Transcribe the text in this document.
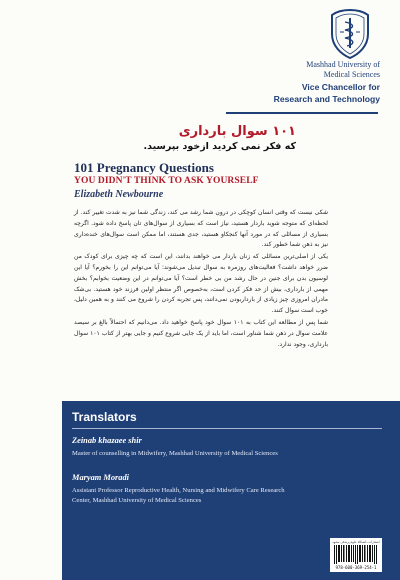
Mashhad University of
Medical Sciences
Vice Chancellor for
Research and Technology
۱۰۱ سوال بارداری
که فکر نمی کردید ازخود بپرسید.
101 Pregnancy Questions
YOU DIDN'T THINK TO ASK YOURSELF
Elizabeth Newbourne

شکی نیست که وقتی انسان کوچکی در درون شما رشد می کند، زندگی شما نیز به شدت تغییر کند. از لحظه‌ای که متوجه شوید باردار هستید، نیاز است که بسیاری از سوال‌های تان پاسخ داده شود. اگرچه بسیاری از مسائلی که در مورد آنها کنجکاو هستید، جدی هستند، اما ممکن است سوال‌های خنده‌داری نیز به ذهن شما خطور کند.

یکی از اصلی‌ترین مسائلی که زنان باردار می خواهند بدانند، این است که چه چیزی برای کودک من ضرر خواهد داشت؟ فعالیت‌های روزمره به سوال تبدیل می‌شوند: آیا می‌توانم این را بخورم؟ آیا این لوسیون بدن برای جنین در حال رشد من بی خطر است؟ آیا می‌توانم در این وضعیت بخوابم؟ بخش مهمی از بارداری، بیش از حد فکر کردن است، به‌خصوص اگر منتظر اولین فرزند خود هستید. بی‌شک مادران امروزی چیز زیادی از بارداربودن نمی‌دانند، پس تجربه کردن را شروع می کنند و به همین دلیل، خوب است سوال کنند.

شما پس از مطالعه این کتاب به ۱۰۱ سوال خود پاسخ خواهید داد. می‌دانیم که احتمالاً بالغ بر سیصد علامت سوال در ذهن شما شناور است، اما باید از یک جایی شروع کنیم و جایی بهتر از کتاب ۱۰۱ سوال بارداری، وجود ندارد.

Translators
Zeinab khazaee shir
Master of counselling in Midwifery, Mashhad University of Medical Sciences
Maryam Moradi
Assistant Professor Reproductive Health, Nursing and Midwifery Care Research
Center, Mashhad University of Medical Sciences
انتشارات دانشگاه علوم پزشکی مشهد
978-600-369-254-1
